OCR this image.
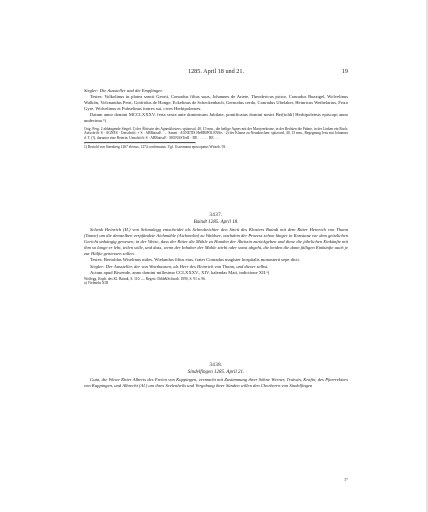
1285. April 18 und 21.	19

Siegler: Die Aussteller und die Empfänger.

Testes: Volkolinus in platea sancti Georii, Conradus filius suus, Johannes de Ariete, Theodericus pictor, Conradus Buzzigel, Wolvelinus Walkôn, Volcnandus Petri, Gotfridus de Honge, Eckelinus de Scheckenbach, Gernodus cerdo, Conradus Ubelaker, Heinricus Weibelarius, Frizo Gyre, Wolvelinus et Fuhselinus fratres sui, cives Herbipolenses.

Datum anno domini MCCLXXXV, feria sexta ante dominicam Jubilate, pontificatus domini nostri Ber[toldi] Herbipolensis episcopi anno undecimo.¹)

Orig. Perg. 2 abhängende Siegel: 1) der Äbtissin des Agnesklosters: spitzoval, 40, 15 mm., die heilige Agnes mit der Martyrerkrone, in der Rechten die Palme, in der Linken ein Buch; Aufschrift: S · AGNES · Umschrift: + S · ABBatissE · ... Saneti . AGNETIS HeRBIPOLENSis · 2) der Klause zu Neunkirchen: spitzoval, 40, 15 mm., Begegnung Jesu mit Johannes d. T. (?), darunter eine Beterin. Umschrift: S · ABBatissE · MONASTerII · DE . . . . . . RE . . .

1) Bertold von Sternberg 1267 electus, 1274 confirmatus. Vgl. Ussermann episcopatus Wirzeb. 93.

3437.

Baindt 1285. April 18.

Schenk Heinrich (H.) von Schmalegg entscheidet als Schiedsrichter den Streit des Klosters Baindt mit dem Ritter Heinrich von Thann (Tanne) um die demselben verpfändete Aichmühle (Aichmolin) zu Waldsee, nachdem der Prozess schon länger in Konstanz vor dem geistlichen Gericht anhängig gewesen, in der Weise, dass der Ritter die Mühle zu Handen der Äbtissin zurückgeben und diese die jährlichen Einkünfte mit ihm so lange er lebt, teilen solle, und dass, wenn der Inhaber der Mühle stirbt oder sonst abgeht, die beiden die dann fälligen Einkünfte auch je zur Hälfte geniessen sollen.

Testes: Bertoldus Wiselinus miles, Wielandus filius eius, frater Conradus magister hospitalis monasterii sepe dicti.

Siegler: Der Aussteller, der von Warthausen, als Herr des Heinrich von Thann, und dieser selbst.

Actum apud Biwende, anno domini millesimo CCLXXXV., XIV. kalendas Maii, indictione XII.ᵃ)

Wolfegg. Kopb. des Kl. Baindt, S. 110. — Regest: Dibb&Schwab. 1890, S. 91 n. 96.

a) Vielmehr XIII

3438.

Sindelfingen 1285. April 21.

Guta, die Witwe Ritter Alberts des Freien von Kuppingen, vermacht mit Zustimmung ihrer Söhne Werner, Trutwin, Krafto, des Pfarrrektors von Kuppingen, und Albrecht (Al.) um ihres Seelenheils und Vergebung ihrer Sünden willen den Chorherrn von Sindelfingen

3*
